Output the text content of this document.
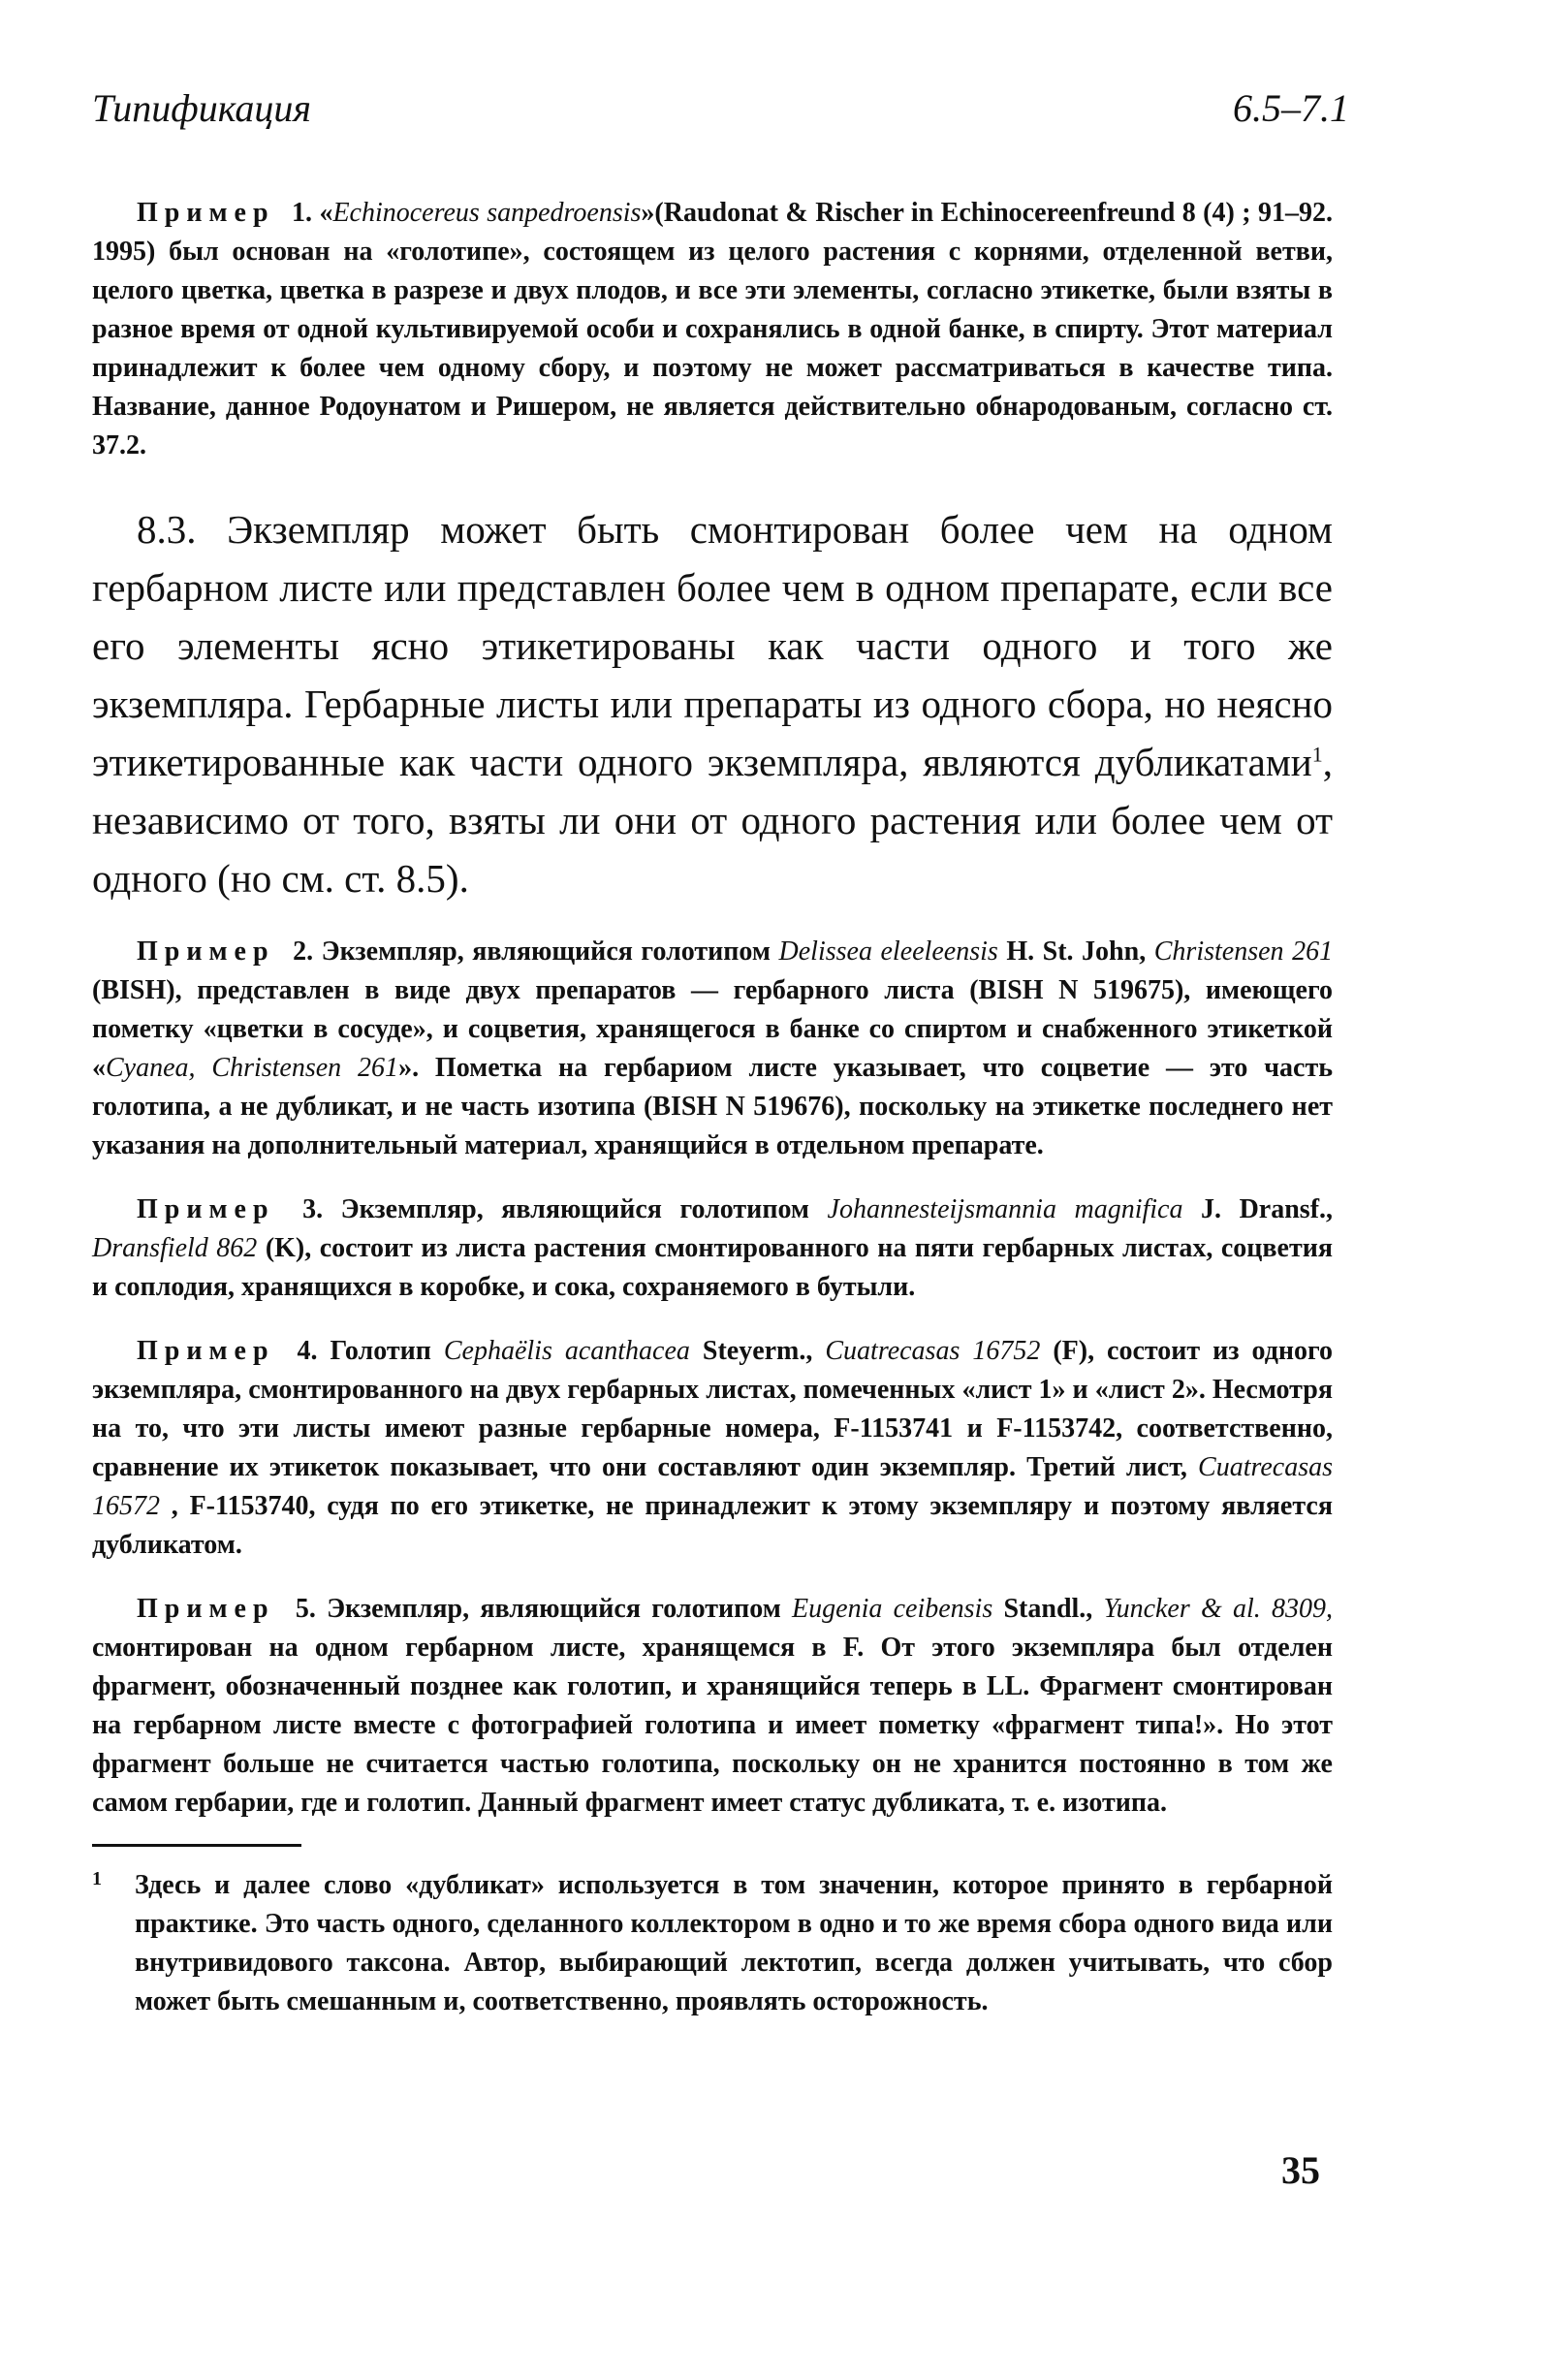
Типификация	6.5–7.1

Пример 1. «Echinocereus sanpedroensis»(Raudonat & Rischer in Echinocereenfreund 8 (4) ; 91–92. 1995) был основан на «голотипе», состоящем из целого растения с корнями, отделенной ветви, целого цветка, цветка в разрезе и двух плодов, и все эти элементы, согласно этикетке, были взяты в разное время от одной культивируемой особи и сохранялись в одной банке, в спирту. Этот материал принадлежит к более чем одному сбору, и поэтому не может рассматриваться в качестве типа. Название, данное Родоунатом и Ришером, не является действительно обнародованым, согласно ст. 37.2.

8.3. Экземпляр может быть смонтирован более чем на одном гербарном листе или представлен более чем в одном препарате, если все его элементы ясно этикетированы как части одного и того же экземпляра. Гербарные листы или препараты из одного сбора, но неясно этикетированные как части одного экземпляра, являются дубликатами$^1$, независимо от того, взяты ли они от одного растения или более чем от одного (но см. ст. 8.5).

Пример 2. Экземпляр, являющийся голотипом Delissea eleeleensis H. St. John, Christensen 261 (BISH), представлен в виде двух препаратов — гербарного листа (BISH N 519675), имеющего пометку «цветки в сосуде», и соцветия, хранящегося в банке со спиртом и снабженного этикеткой «Cyanea, Christensen 261». Пометка на гербариом листе указывает, что соцветие — это часть голотипа, а не дубликат, и не часть изотипа (BISH N 519676), поскольку на этикетке последнего нет указания на дополнительный материал, хранящийся в отдельном препарате.

Пример 3. Экземпляр, являющийся голотипом Johannesteijsmannia magnifica J. Dransf., Dransfield 862 (K), состоит из листа растения смонтированного на пяти гербарных листах, соцветия и соплодия, хранящихся в коробке, и сока, сохраняемого в бутыли.

Пример 4. Голотип Cephaëlis acanthacea Steyerm., Cuatrecasas 16752 (F), состоит из одного экземпляра, смонтированного на двух гербарных листах, помеченных «лист 1» и «лист 2». Несмотря на то, что эти листы имеют разные гербарные номера, F-1153741 и F-1153742, соответственно, сравнение их этикеток показывает, что они составляют один экземпляр. Третий лист, Cuatrecasas 16572 , F-1153740, судя по его этикетке, не принадлежит к этому экземпляру и поэтому является дубликатом.

Пример 5. Экземпляр, являющийся голотипом Eugenia ceibensis Standl., Yuncker & al. 8309, смонтирован на одном гербарном листе, хранящемся в F. От этого экземпляра был отделен фрагмент, обозначенный позднее как голотип, и хранящийся теперь в LL. Фрагмент смонтирован на гербарном листе вместе с фотографией голотипа и имеет пометку «фрагмент типа!». Но этот фрагмент больше не считается частью голотипа, поскольку он не хранится постоянно в том же самом гербарии, где и голотип. Данный фрагмент имеет статус дубликата, т. е. изотипа.

1	Здесь и далее слово «дубликат» используется в том значенин, которое принято в гербарной практике. Это часть одного, сделанного коллектором в одно и то же время сбора одного вида или внутривидового таксона. Автор, выбирающий лектотип, всегда должен учитывать, что сбор может быть смешанным и, соответственно, проявлять осторожность.
35
